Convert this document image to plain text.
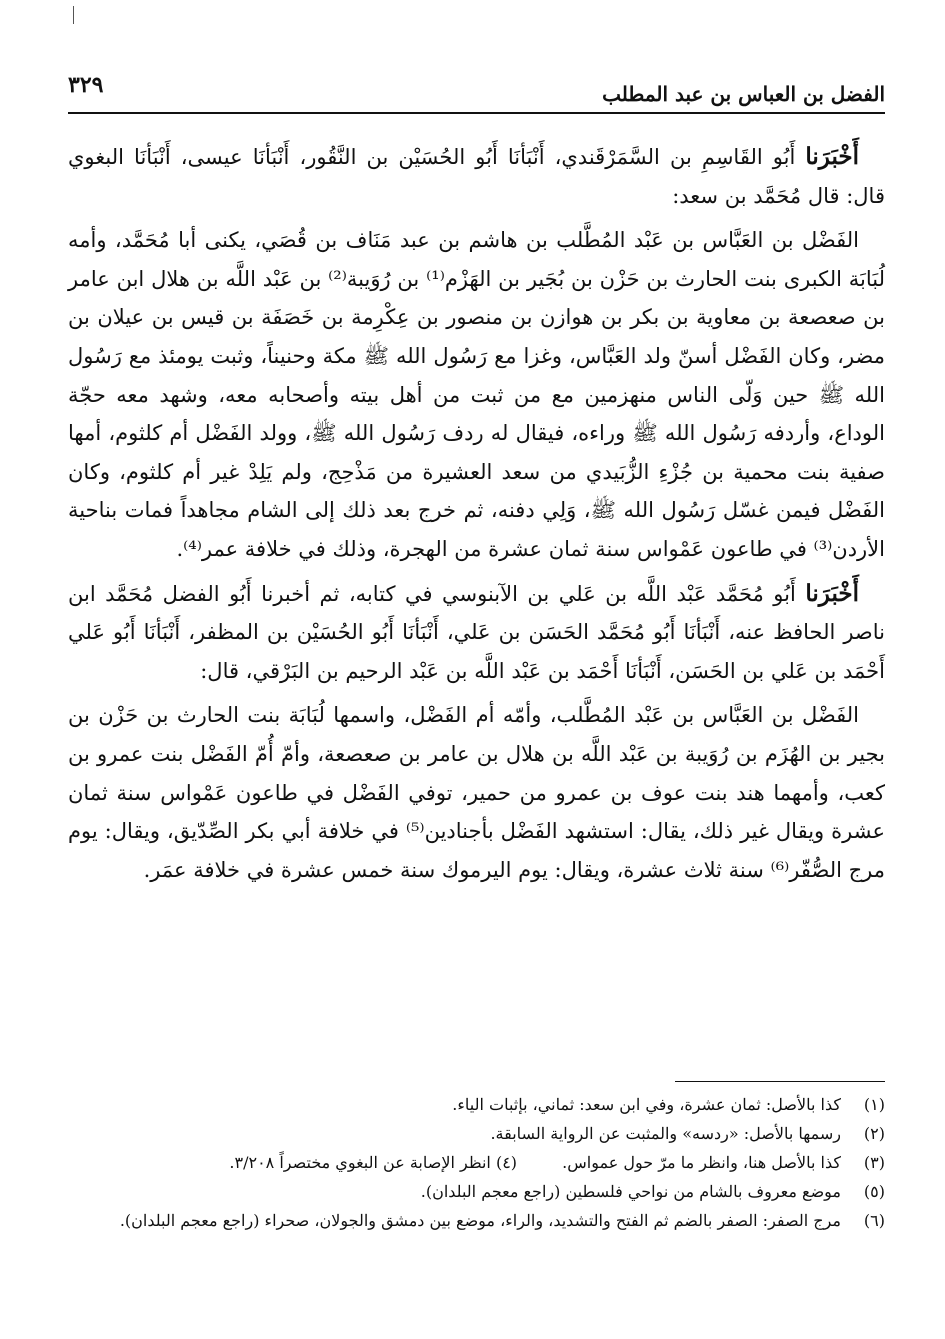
الفضل بن العباس بن عبد المطلب
٣٢٩

أَخْبَرَنا أَبُو القَاسِمِ بن السَّمَرْقَندي، أَنْبَأنَا أَبُو الحُسَيْن بن النَّقُور، أَنْبَأنَا عيسى، أَنْبَأنَا البغوي قال: قال مُحَمَّد بن سعد:

الفَضْل بن العَبَّاس بن عَبْد المُطَّلب بن هاشم بن عبد مَنَاف بن قُصَي، يكنى أبا مُحَمَّد، وأمه لُبَابَة الكبرى بنت الحارث بن حَزْن بن بُجَير بن الهَزْم⁽¹⁾ بن رُوَيبة⁽²⁾ بن عَبْد اللَّه بن هلال ابن عامر بن صعصعة بن معاوية بن بكر بن هوازن بن منصور بن عِكْرِمة بن خَصَفَة بن قيس بن عيلان بن مضر، وكان الفَضْل أسنّ ولد العَبَّاس، وغزا مع رَسُول الله ﷺ مكة وحنيناً، وثبت يومئذ مع رَسُول الله ﷺ حين وَلّى الناس منهزمين مع من ثبت من أهل بيته وأصحابه معه، وشهد معه حجّة الوداع، وأردفه رَسُول الله ﷺ وراءه، فيقال له ردف رَسُول الله ﷺ، وولد الفَضْل أم كلثوم، أمها صفية بنت محمية بن جُزْءِ الزُّبَيدي من سعد العشيرة من مَذْحِج، ولم يَلِدْ غير أم كلثوم، وكان الفَضْل فيمن غسّل رَسُول الله ﷺ، وَلِي دفنه، ثم خرج بعد ذلك إلى الشام مجاهداً فمات بناحية الأردن⁽³⁾ في طاعون عَمْواس سنة ثمان عشرة من الهجرة، وذلك في خلافة عمر⁽⁴⁾.

أَخْبَرَنا أَبُو مُحَمَّد عَبْد اللَّه بن عَلي بن الآبنوسي في كتابه، ثم أخبرنا أَبُو الفضل مُحَمَّد ابن ناصر الحافظ عنه، أَنْبَأنَا أَبُو مُحَمَّد الحَسَن بن عَلي، أَنْبَأنَا أَبُو الحُسَيْن بن المظفر، أَنْبَأنَا أَبُو عَلي أَحْمَد بن عَلي بن الحَسَن، أَنْبَأنَا أَحْمَد بن عَبْد اللَّه بن عَبْد الرحيم بن البَرْقي، قال:

الفَضْل بن العَبَّاس بن عَبْد المُطَّلب، وأمّه أم الفَضْل، واسمها لُبَابَة بنت الحارث بن حَزْن بن بجير بن الهُزَم بن رُوَيبة بن عَبْد اللَّه بن هلال بن عامر بن صعصعة، وأمّ أُمّ الفَضْل بنت عمرو بن كعب، وأمهما هند بنت عوف بن عمرو من حمير، توفي الفَضْل في طاعون عَمْواس سنة ثمان عشرة ويقال غير ذلك، يقال: استشهد الفَضْل بأجنادين⁽⁵⁾ في خلافة أبي بكر الصِّدّيق، ويقال: يوم مرج الصُّفّر⁽⁶⁾ سنة ثلاث عشرة، ويقال: يوم اليرموك سنة خمس عشرة في خلافة عمَر.

(١)
كذا بالأصل: ثمان عشرة، وفي ابن سعد: ثماني، بإثبات الياء.
(٢)
رسمها بالأصل: «ردسه» والمثبت عن الرواية السابقة.
(٣)
كذا بالأصل هنا، وانظر ما مرّ حول عمواس. (٤) انظر الإصابة عن البغوي مختصراً ٣/٢٠٨.
(٥)
موضع معروف بالشام من نواحي فلسطين (راجع معجم البلدان).
(٦)
مرج الصفر: الصفر بالضم ثم الفتح والتشديد، والراء، موضع بين دمشق والجولان، صحراء (راجع معجم البلدان).
